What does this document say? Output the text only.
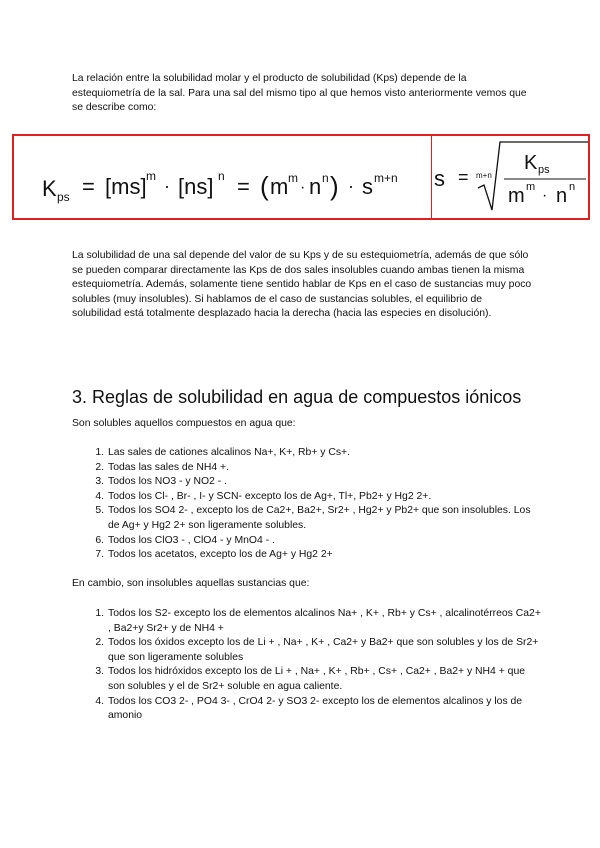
La relación entre la solubilidad molar y el producto de solubilidad (Kps) depende de la estequiometría de la sal. Para una sal del mismo tipo al que hemos visto anteriormente vemos que se describe como:

K ps = [ms] m · [ns] n = ( m m
· n n ) · s m+n s = m+n
K ps
m m · n n

La solubilidad de una sal depende del valor de su Kps y de su estequiometría, además de que sólo se pueden comparar directamente las Kps de dos sales insolubles cuando ambas tienen la misma estequiometría. Además, solamente tiene sentido hablar de Kps en el caso de sustancias muy poco solubles (muy insolubles). Si hablamos de el caso de sustancias solubles, el equilibrio de solubilidad está totalmente desplazado hacia la derecha (hacia las especies en disolución).

3. Reglas de solubilidad en agua de compuestos iónicos

Son solubles aquellos compuestos en agua que:

1. Las sales de cationes alcalinos Na+, K+, Rb+ y Cs+.
2. Todas las sales de NH4 +.
3. Todos los NO3 - y NO2 - .
4. Todos los Cl- , Br- , I- y SCN- excepto los de Ag+, Tl+, Pb2+ y Hg2 2+.
5. Todos los SO4 2- , excepto los de Ca2+, Ba2+, Sr2+ , Hg2+ y Pb2+ que son insolubles. Los de Ag+ y Hg2 2+ son ligeramente solubles.
6. Todos los ClO3 - , ClO4 - y MnO4 - .
7. Todos los acetatos, excepto los de Ag+ y Hg2 2+

En cambio, son insolubles aquellas sustancias que:

1. Todos los S2- excepto los de elementos alcalinos Na+ , K+ , Rb+ y Cs+ , alcalinotérreos Ca2+ , Ba2+y Sr2+ y de NH4 +
2. Todos los óxidos excepto los de Li + , Na+ , K+ , Ca2+ y Ba2+ que son solubles y los de Sr2+ que son ligeramente solubles
3. Todos los hidróxidos excepto los de Li + , Na+ , K+ , Rb+ , Cs+ , Ca2+ , Ba2+ y NH4 + que son solubles y el de Sr2+ soluble en agua caliente.
4. Todos los CO3 2- , PO4 3- , CrO4 2- y SO3 2- excepto los de elementos alcalinos y los de amonio
